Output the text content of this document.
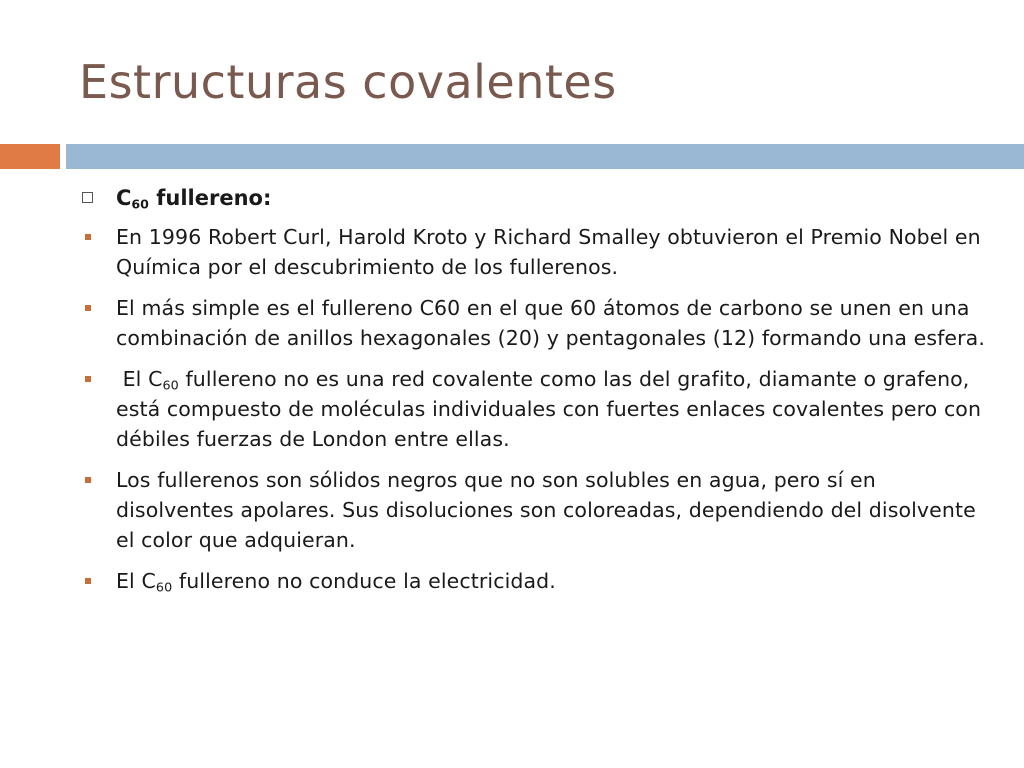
Estructuras covalentes
$C_{60}$ fullereno:
En 1996 Robert Curl, Harold Kroto y Richard Smalley obtuvieron el Premio Nobel en Química por el descubrimiento de los fullerenos.
El más simple es el fullereno C60 en el que 60 átomos de carbono se unen en una combinación de anillos hexagonales (20) y pentagonales (12) formando una esfera.
El $C_{60}$ fullereno no es una red covalente como las del grafito, diamante o grafeno, está compuesto de moléculas individuales con fuertes enlaces covalentes pero con débiles fuerzas de London entre ellas.
Los fullerenos son sólidos negros que no son solubles en agua, pero sí en disolventes apolares. Sus disoluciones son coloreadas, dependiendo del disolvente el color que adquieran.
El $C_{60}$ fullereno no conduce la electricidad.
